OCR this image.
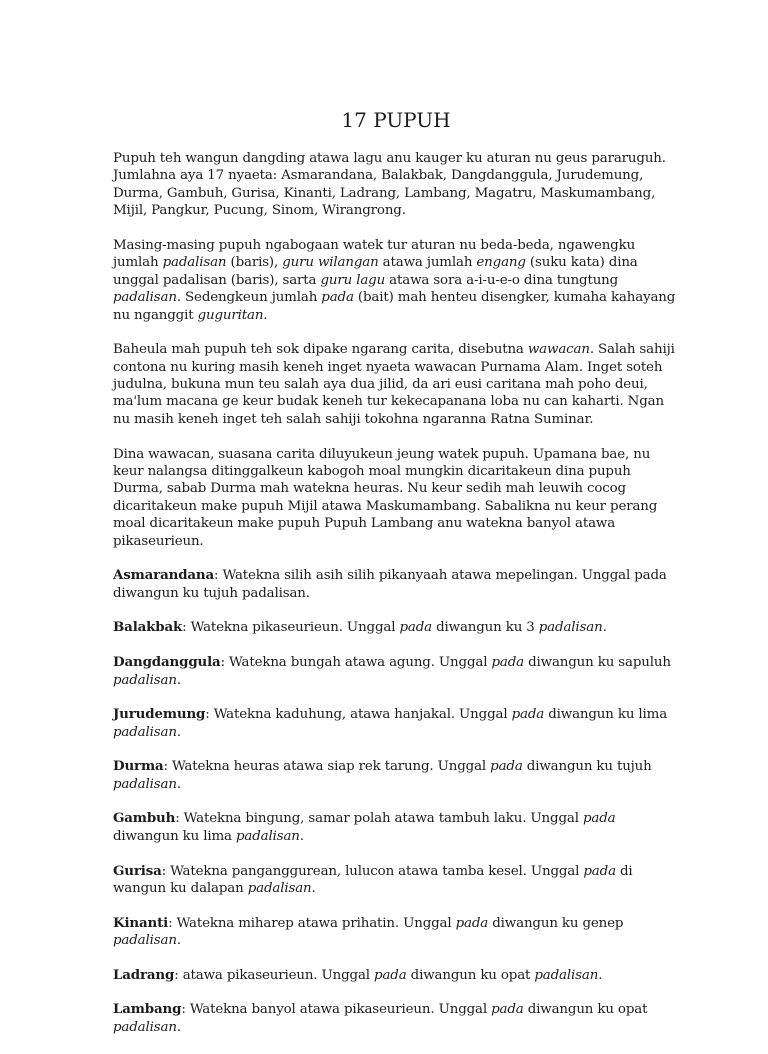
17 PUPUH

Pupuh teh wangun dangding atawa lagu anu kauger ku aturan nu geus pararuguh. Jumlahna aya 17 nyaeta: Asmarandana, Balakbak, Dangdanggula, Jurudemung, Durma, Gambuh, Gurisa, Kinanti, Ladrang, Lambang, Magatru, Maskumambang, Mijil, Pangkur, Pucung, Sinom, Wirangrong.

Masing-masing pupuh ngabogaan watek tur aturan nu beda-beda, ngawengku jumlah padalisan (baris), guru wilangan atawa jumlah engang (suku kata) dina unggal padalisan (baris), sarta guru lagu atawa sora a-i-u-e-o dina tungtung padalisan. Sedengkeun jumlah pada (bait) mah henteu disengker, kumaha kahayang nu nganggit guguritan.

Baheula mah pupuh teh sok dipake ngarang carita, disebutna wawacan. Salah sahiji contona nu kuring masih keneh inget nyaeta wawacan Purnama Alam. Inget soteh judulna, bukuna mun teu salah aya dua jilid, da ari eusi caritana mah poho deui, ma'lum macana ge keur budak keneh tur kekecapanana loba nu can kaharti. Ngan nu masih keneh inget teh salah sahiji tokohna ngaranna Ratna Suminar.

Dina wawacan, suasana carita diluyukeun jeung watek pupuh. Upamana bae, nu keur nalangsa ditinggalkeun kabogoh moal mungkin dicaritakeun dina pupuh Durma, sabab Durma mah watekna heuras. Nu keur sedih mah leuwih cocog dicaritakeun make pupuh Mijil atawa Maskumambang. Sabalikna nu keur perang moal dicaritakeun make pupuh Pupuh Lambang anu watekna banyol atawa pikaseurieun.

Asmarandana: Watekna silih asih silih pikanyaah atawa mepelingan. Unggal pada diwangun ku tujuh padalisan.

Balakbak: Watekna pikaseurieun. Unggal pada diwangun ku 3 padalisan.

Dangdanggula: Watekna bungah atawa agung. Unggal pada diwangun ku sapuluh padalisan.

Jurudemung: Watekna kaduhung, atawa hanjakal. Unggal pada diwangun ku lima padalisan.

Durma: Watekna heuras atawa siap rek tarung. Unggal pada diwangun ku tujuh padalisan.

Gambuh: Watekna bingung, samar polah atawa tambuh laku. Unggal pada diwangun ku lima padalisan.

Gurisa: Watekna panganggurean, lulucon atawa tamba kesel. Unggal pada di wangun ku dalapan padalisan.

Kinanti: Watekna miharep atawa prihatin. Unggal pada diwangun ku genep padalisan.

Ladrang: atawa pikaseurieun. Unggal pada diwangun ku opat padalisan.

Lambang: Watekna banyol atawa pikaseurieun. Unggal pada diwangun ku opat padalisan.
